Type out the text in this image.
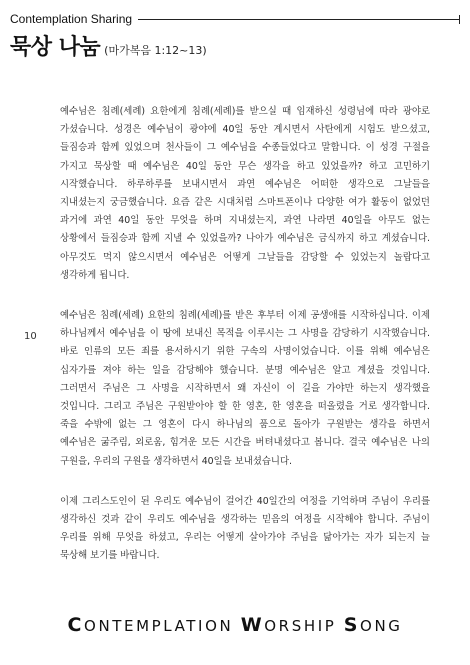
Contemplation Sharing
묵상 나눔 (마가복음 1:12~13)
10

예수님은 침례(세례) 요한에게 침례(세례)를 받으실 때 임재하신 성령님에 따라 광야로 가셨습니다. 성경은 예수님이 광야에 40일 동안 계시면서 사탄에게 시험도 받으셨고, 들짐승과 함께 있었으며 천사들이 그 예수님을 수종들었다고 말합니다. 이 성경 구절을 가지고 묵상할 때 예수님은 40일 동안 무슨 생각을 하고 있었을까? 하고 고민하기 시작했습니다. 하루하루를 보내시면서 과연 예수님은 어떠한 생각으로 그날들을 지내셨는지 궁금했습니다. 요즘 같은 시대처럼 스마트폰이나 다양한 여가 활동이 없었던 과거에 과연 40일 동안 무엇을 하며 지내셨는지, 과연 나라면 40일을 아무도 없는 상황에서 들짐승과 함께 지낼 수 있었을까? 나아가 예수님은 금식까지 하고 계셨습니다. 아무것도 먹지 않으시면서 예수님은 어떻게 그날들을 감당할 수 있었는지 놀랍다고 생각하게 됩니다.

예수님은 침례(세례) 요한의 침례(세례)를 받은 후부터 이제 공생애를 시작하십니다. 이제 하나님께서 예수님을 이 땅에 보내신 목적을 이루시는 그 사명을 감당하기 시작했습니다. 바로 인류의 모든 죄를 용서하시기 위한 구속의 사명이었습니다. 이를 위해 예수님은 십자가를 져야 하는 일을 감당해야 했습니다. 분명 예수님은 알고 계셨을 것입니다. 그러면서 주님은 그 사명을 시작하면서 왜 자신이 이 길을 가야만 하는지 생각했을 것입니다. 그리고 주님은 구원받아야 할 한 영혼, 한 영혼을 떠올렸을 거로 생각합니다. 죽을 수밖에 없는 그 영혼이 다시 하나님의 품으로 돌아가 구원받는 생각을 하면서 예수님은 굶주림, 외로움, 힘겨운 모든 시간을 버텨내셨다고 봅니다. 결국 예수님은 나의 구원을, 우리의 구원을 생각하면서 40일을 보내셨습니다.

이제 그리스도인이 된 우리도 예수님이 걸어간 40일간의 여정을 기억하며 주님이 우리를 생각하신 것과 같이 우리도 예수님을 생각하는 믿음의 여정을 시작해야 합니다. 주님이 우리를 위해 무엇을 하셨고, 우리는 어떻게 살아가야 주님을 닮아가는 자가 되는지 늘 묵상해 보기를 바랍니다.

CONTEMPLATION WORSHIP SONG
